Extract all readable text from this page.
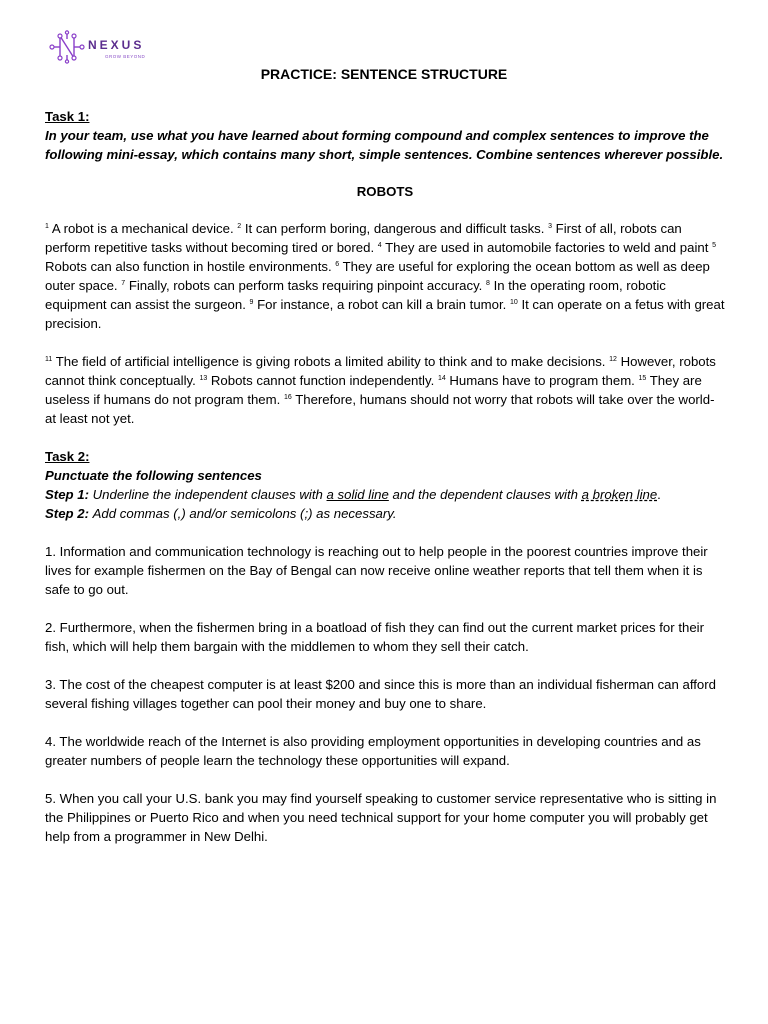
NEXUS
GROW BEYOND
PRACTICE: SENTENCE STRUCTURE

Task 1:

In your team, use what you have learned about forming compound and complex sentences to improve the following mini-essay, which contains many short, simple sentences. Combine sentences wherever possible.

ROBOTS

$^1$ A robot is a mechanical device. $^2$ It can perform boring, dangerous and difficult tasks. $^3$ First of all, robots can perform repetitive tasks without becoming tired or bored. $^4$ They are used in automobile factories to weld and paint $^5$ Robots can also function in hostile environments. $^6$ They are useful for exploring the ocean bottom as well as deep outer space. $^7$ Finally, robots can perform tasks requiring pinpoint accuracy. $^8$ In the operating room, robotic equipment can assist the surgeon. $^9$ For instance, a robot can kill a brain tumor. $^{10}$ It can operate on a fetus with great precision.

$^{11}$ The field of artificial intelligence is giving robots a limited ability to think and to make decisions. $^{12}$ However, robots cannot think conceptually. $^{13}$ Robots cannot function independently. $^{14}$ Humans have to program them. $^{15}$ They are useless if humans do not program them. $^{16}$ Therefore, humans should not worry that robots will take over the world-at least not yet.

Task 2:

Punctuate the following sentences

Step 1: Underline the independent clauses with a solid line and the dependent clauses with a broken line.

Step 2: Add commas (,) and/or semicolons (;) as necessary.

1. Information and communication technology is reaching out to help people in the poorest countries improve their lives for example fishermen on the Bay of Bengal can now receive online weather reports that tell them when it is safe to go out.

2. Furthermore, when the fishermen bring in a boatload of fish they can find out the current market prices for their fish, which will help them bargain with the middlemen to whom they sell their catch.

3. The cost of the cheapest computer is at least $200 and since this is more than an individual fisherman can afford several fishing villages together can pool their money and buy one to share.

4. The worldwide reach of the Internet is also providing employment opportunities in developing countries and as greater numbers of people learn the technology these opportunities will expand.

5. When you call your U.S. bank you may find yourself speaking to customer service representative who is sitting in the Philippines or Puerto Rico and when you need technical support for your home computer you will probably get help from a programmer in New Delhi.
